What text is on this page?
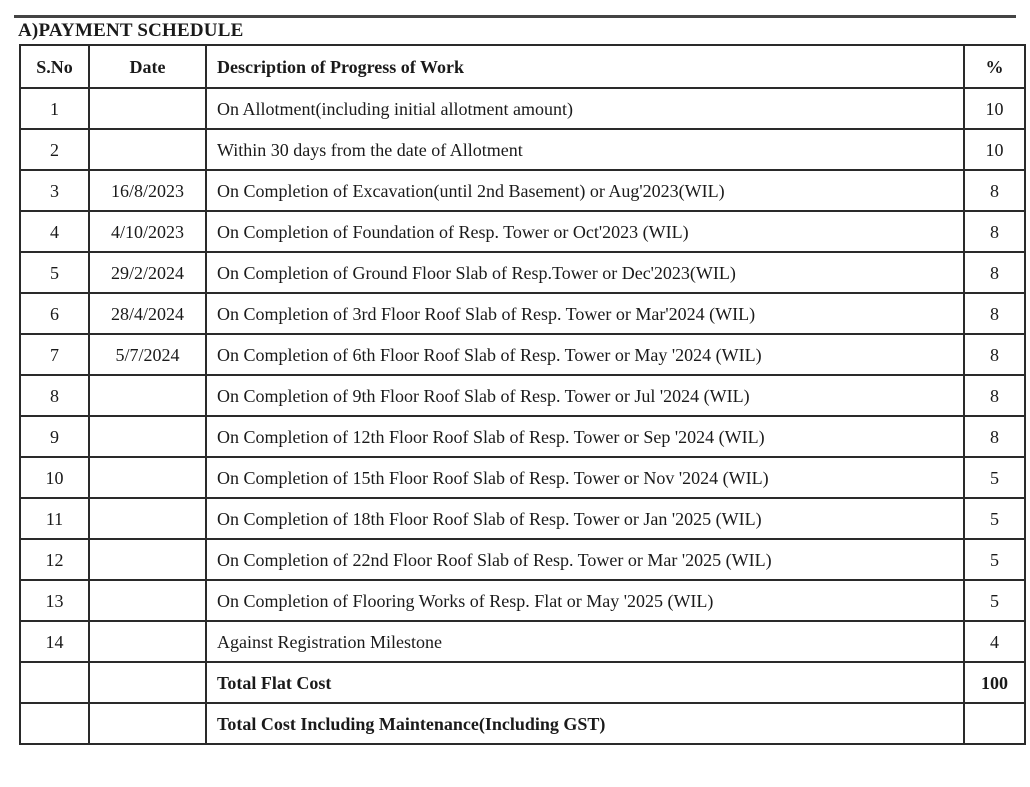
A)PAYMENT SCHEDULE
S.No	Date	Description of Progress of Work	%
1		On Allotment(including initial allotment amount)	10
2		Within 30 days from the date of Allotment	10
3	16/8/2023	On Completion of Excavation(until 2nd Basement) or Aug'2023(WIL)	8
4	4/10/2023	On Completion of Foundation of Resp. Tower or Oct'2023 (WIL)	8
5	29/2/2024	On Completion of Ground Floor Slab of Resp.Tower or Dec'2023(WIL)	8
6	28/4/2024	On Completion of 3rd Floor Roof Slab of Resp. Tower or Mar'2024 (WIL)	8
7	5/7/2024	On Completion of 6th Floor Roof Slab of Resp. Tower or May '2024 (WIL)	8
8		On Completion of 9th Floor Roof Slab of Resp. Tower or Jul '2024 (WIL)	8
9		On Completion of 12th Floor Roof Slab of Resp. Tower or Sep '2024 (WIL)	8
10		On Completion of 15th Floor Roof Slab of Resp. Tower or Nov '2024 (WIL)	5
11		On Completion of 18th Floor Roof Slab of Resp. Tower or Jan '2025 (WIL)	5
12		On Completion of 22nd Floor Roof Slab of Resp. Tower or Mar '2025 (WIL)	5
13		On Completion of Flooring Works of Resp. Flat or May '2025 (WIL)	5
14		Against Registration Milestone	4
		Total Flat Cost	100
		Total Cost Including Maintenance(Including GST)	
